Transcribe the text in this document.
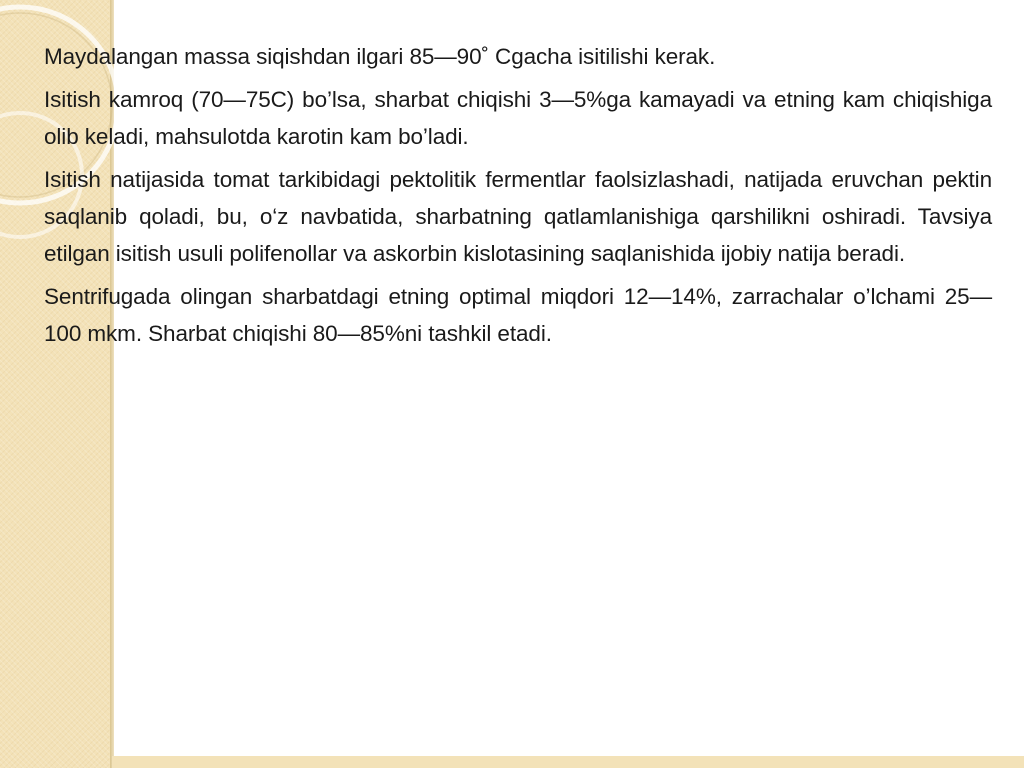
Maydalangan massa siqishdan ilgari 85—90˚ Cgacha isitilishi kerak.

Isitish kamroq (70—75C) bo’lsa, sharbat chiqishi 3—5%ga kamayadi va etning kam chiqishiga olib keladi, mahsulotda karotin kam bo’ladi.

Isitish natijasida tomat tarkibidagi pektolitik fermentlar faolsizlashadi, natijada eruvchan pektin saqlanib qoladi, bu, o‘z navbatida, sharbatning qatlamlanishiga qarshilikni oshiradi. Tavsiya etilgan isitish usuli polifenollar va askorbin kislotasining saqlanishida ijobiy natija beradi.

Sentrifugada olingan sharbatdagi etning optimal miqdori 12—14%, zarrachalar o’lchami 25—100 mkm. Sharbat chiqishi 80—85%ni tashkil etadi.
